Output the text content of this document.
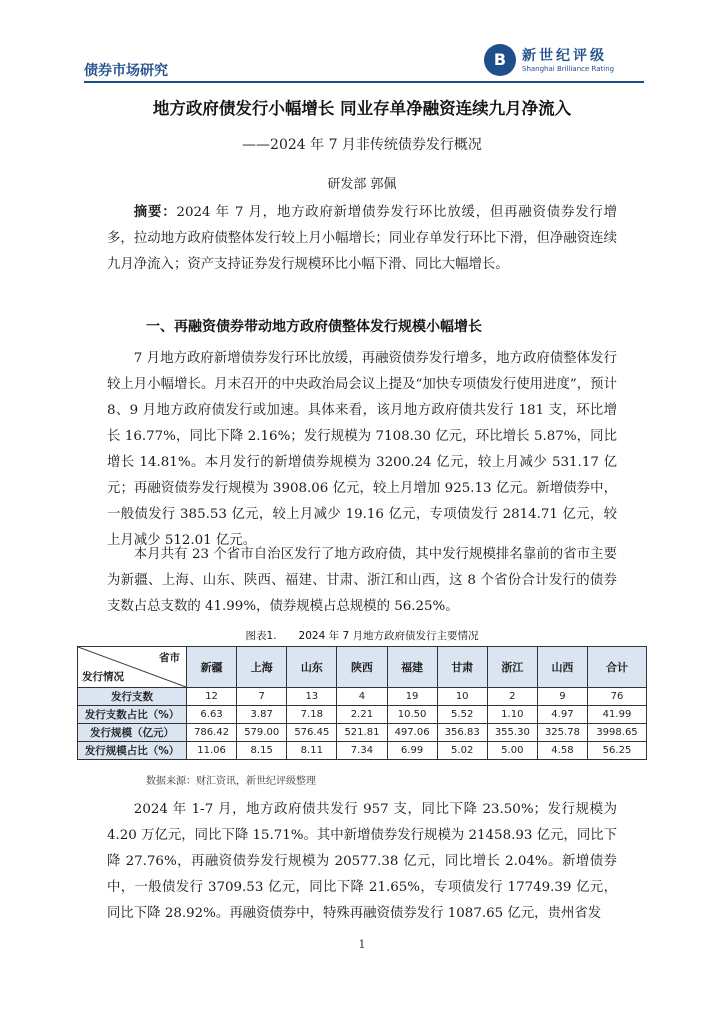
债券市场研究
B	新世纪评级
Shanghai Brilliance Rating
地方政府债发行小幅增长 同业存单净融资连续九月净流入
——2024 年 7 月非传统债券发行概况
研发部 郭佩

摘要：2024 年 7 月，地方政府新增债券发行环比放缓，但再融资债券发行增多，拉动地方政府债整体发行较上月小幅增长；同业存单发行环比下滑，但净融资连续九月净流入；资产支持证券发行规模环比小幅下滑、同比大幅增长。

一、再融资债券带动地方政府债整体发行规模小幅增长

7 月地方政府新增债券发行环比放缓，再融资债券发行增多，地方政府债整体发行较上月小幅增长。月末召开的中央政治局会议上提及“加快专项债发行使用进度”，预计 8、9 月地方政府债发行或加速。具体来看，该月地方政府债共发行 181 支，环比增长 16.77%，同比下降 2.16%；发行规模为 7108.30 亿元，环比增长 5.87%，同比增长 14.81%。本月发行的新增债券规模为 3200.24 亿元，较上月减少 531.17 亿元；再融资债券发行规模为 3908.06 亿元，较上月增加 925.13 亿元。新增债券中，一般债发行 385.53 亿元，较上月减少 19.16 亿元，专项债发行 2814.71 亿元，较上月减少 512.01 亿元。

本月共有 23 个省市自治区发行了地方政府债，其中发行规模排名靠前的省市主要为新疆、上海、山东、陕西、福建、甘肃、浙江和山西，这 8 个省份合计发行的债券支数占总支数的 41.99%，债券规模占总规模的 56.25%。

图表1. 2024 年 7 月地方政府债发行主要情况
省市
发行情况	新疆	上海	山东	陕西	福建	甘肃	浙江	山西	合计
发行支数	12	7	13	4	19	10	2	9	76
发行支数占比（%）	6.63	3.87	7.18	2.21	10.50	5.52	1.10	4.97	41.99
发行规模（亿元）	786.42	579.00	576.45	521.81	497.06	356.83	355.30	325.78	3998.65
发行规模占比（%）	11.06	8.15	8.11	7.34	6.99	5.02	5.00	4.58	56.25
数据来源：财汇资讯，新世纪评级整理

2024 年 1-7 月，地方政府债共发行 957 支，同比下降 23.50%；发行规模为 4.20 万亿元，同比下降 15.71%。其中新增债券发行规模为 21458.93 亿元，同比下降 27.76%，再融资债券发行规模为 20577.38 亿元，同比增长 2.04%。新增债券中，一般债发行 3709.53 亿元，同比下降 21.65%，专项债发行 17749.39 亿元，同比下降 28.92%。再融资债券中，特殊再融资债券发行 1087.65 亿元，贵州省发

1
